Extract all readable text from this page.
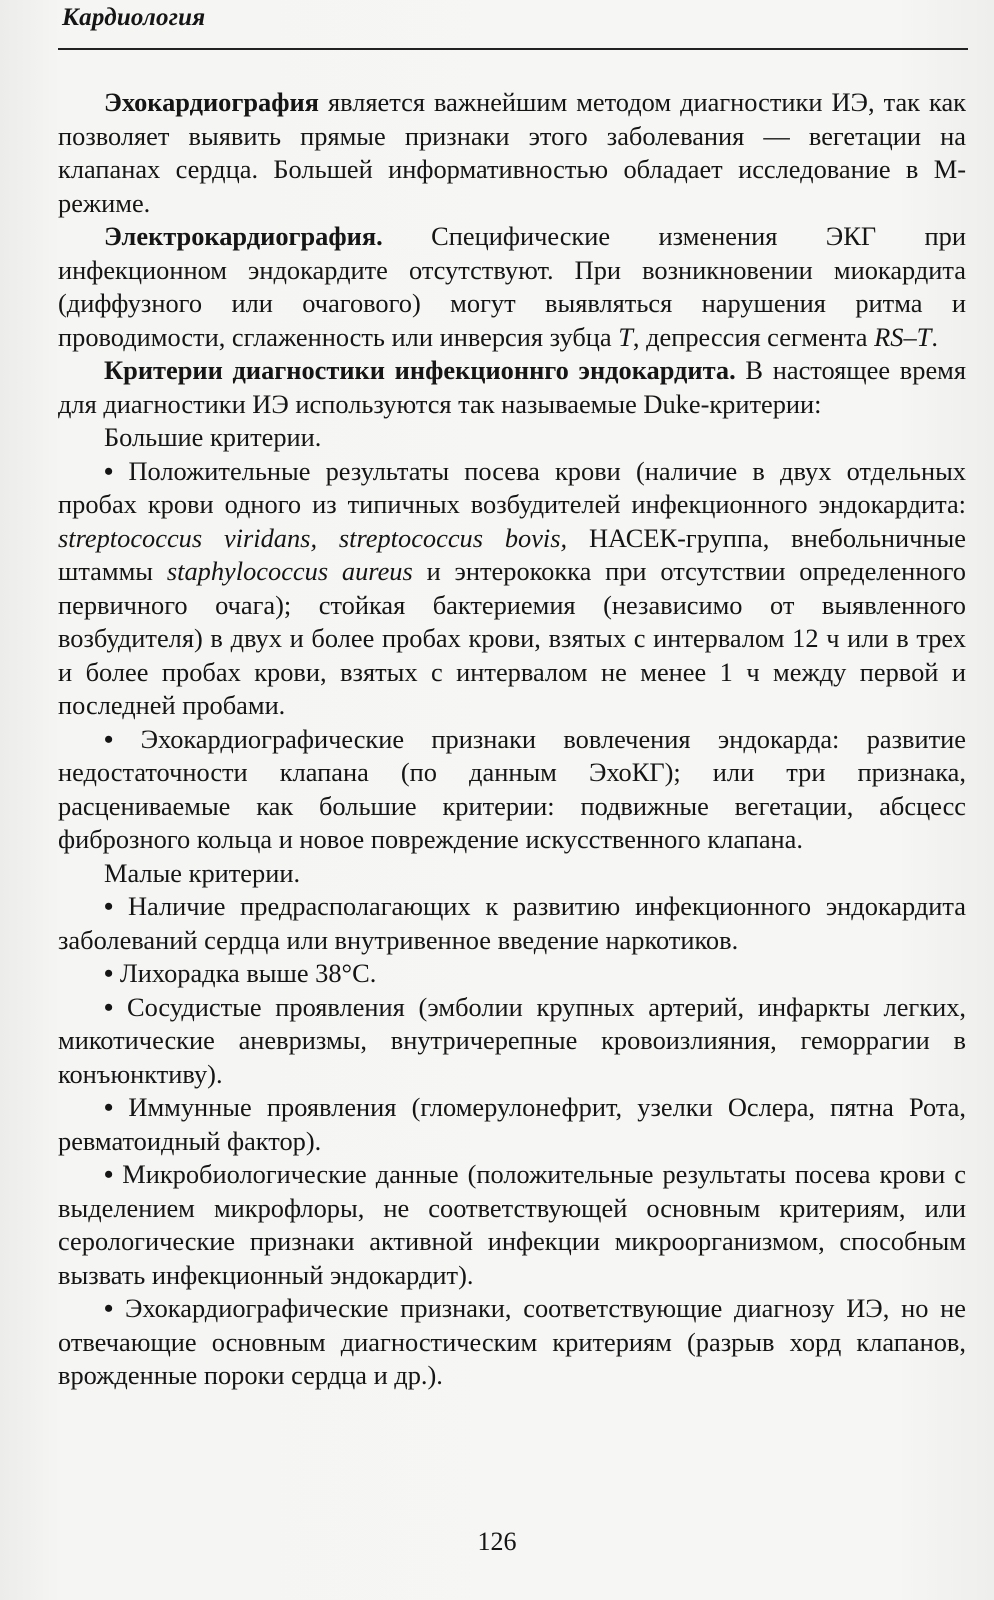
Кардиология

Эхокардиография является важнейшим методом диагностики ИЭ, так как позволяет выявить прямые признаки этого заболевания — вегетации на клапанах сердца. Большей информативностью обладает исследование в М-режиме.

Электрокардиография. Специфические изменения ЭКГ при инфекционном эндокардите отсутствуют. При возникновении миокардита (диффузного или очагового) могут выявляться нарушения ритма и проводимости, сглаженность или инверсия зубца T, депрессия сегмента RS–T.

Критерии диагностики инфекционнго эндокардита. В настоящее время для диагностики ИЭ используются так называемые Duke-критерии:

Большие критерии.

• Положительные результаты посева крови (наличие в двух отдельных пробах крови одного из типичных возбудителей инфекционного эндокардита: streptococcus viridans, streptococcus bovis, НАСЕК-группа, внебольничные штаммы staphylococcus aureus и энтерококка при отсутствии определенного первичного очага); стойкая бактериемия (независимо от выявленного возбудителя) в двух и более пробах крови, взятых с интервалом 12 ч или в трех и более пробах крови, взятых с интервалом не менее 1 ч между первой и последней пробами.

• Эхокардиографические признаки вовлечения эндокарда: развитие недостаточности клапана (по данным ЭхоКГ); или три признака, расцениваемые как большие критерии: подвижные вегетации, абсцесс фиброзного кольца и новое повреждение искусственного клапана.

Малые критерии.

• Наличие предрасполагающих к развитию инфекционного эндокардита заболеваний сердца или внутривенное введение наркотиков.

• Лихорадка выше 38°С.

• Сосудистые проявления (эмболии крупных артерий, инфаркты легких, микотические аневризмы, внутричерепные кровоизлияния, геморрагии в конъюнктиву).

• Иммунные проявления (гломерулонефрит, узелки Ослера, пятна Рота, ревматоидный фактор).

• Микробиологические данные (положительные результаты посева крови с выделением микрофлоры, не соответствующей основным критериям, или серологические признаки активной инфекции микроорганизмом, способным вызвать инфекционный эндокардит).

• Эхокардиографические признаки, соответствующие диагнозу ИЭ, но не отвечающие основным диагностическим критериям (разрыв хорд клапанов, врожденные пороки сердца и др.).

126
